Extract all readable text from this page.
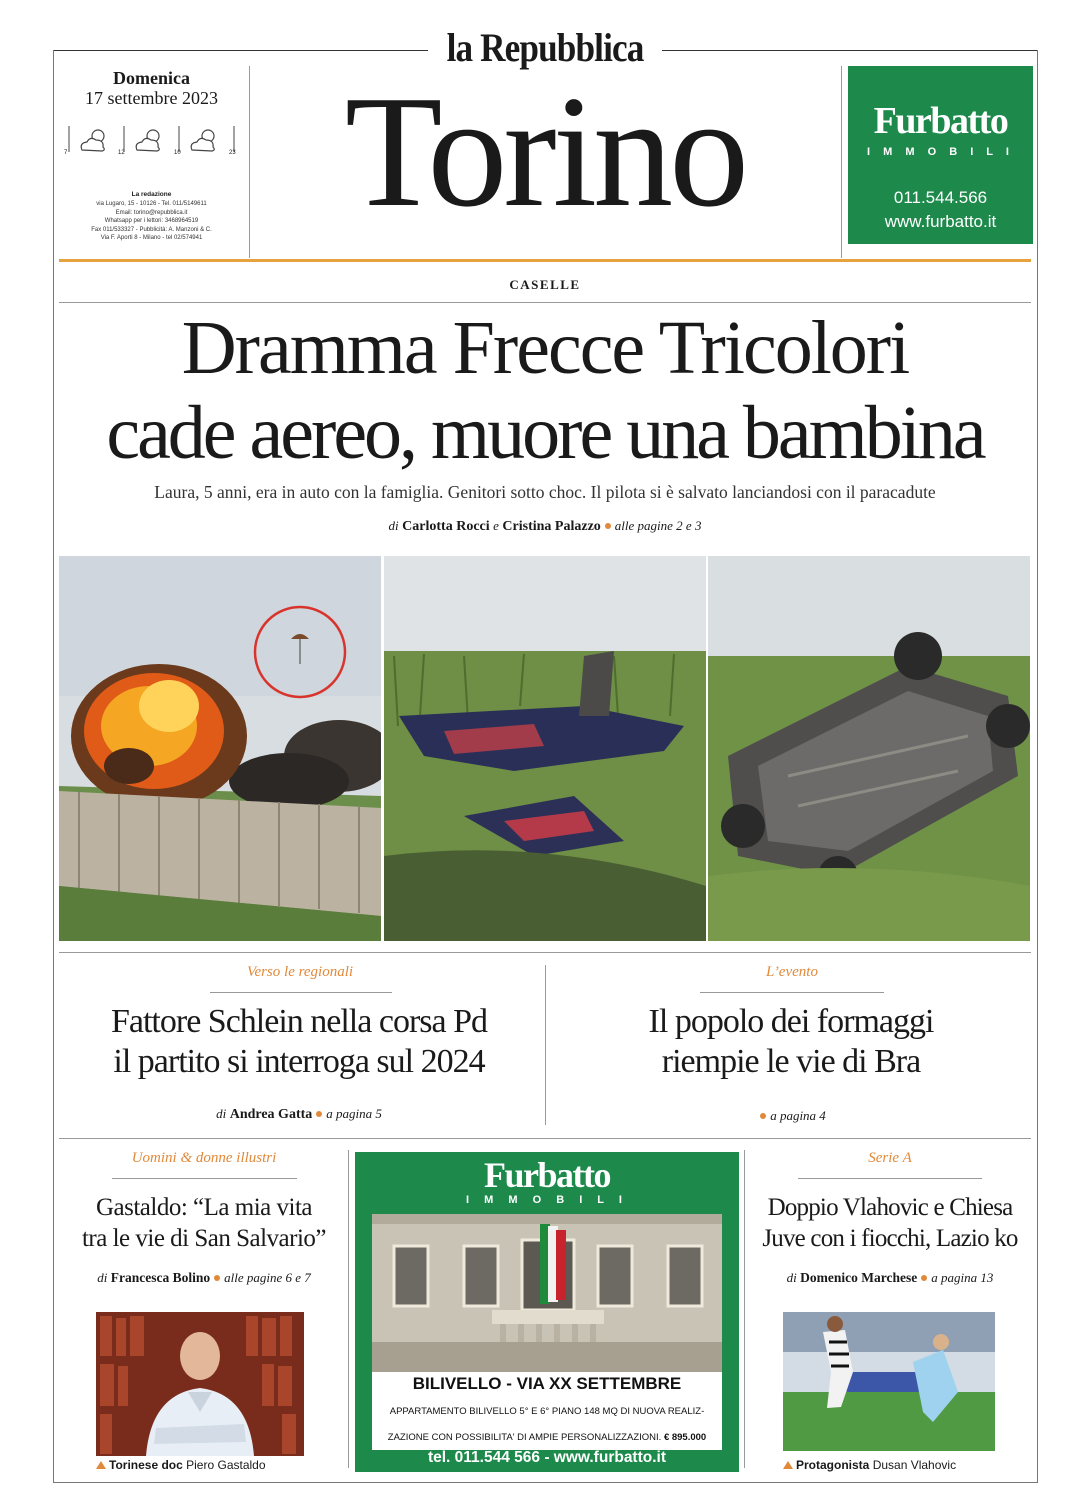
la Repubblica
Torino
Domenica
17 settembre 2023
7	12	10	23
La redazione
via Lugaro, 15 - 10126 - Tel. 011/5149611
Email: torino@repubblica.it
Whatsapp per i lettori: 3468964519
Fax 011/533327 - Pubblicità: A. Manzoni & C.
Via F. Aporti 8 - Milano - tel 02/574941
Furbatto
I M M O B I L I
011.544.566
www.furbatto.it
CASELLE
Dramma Frecce Tricolori
cade aereo, muore una bambina
Laura, 5 anni, era in auto con la famiglia. Genitori sotto choc. Il pilota si è salvato lanciandosi con il paracadute
di Carlotta Rocci e Cristina Palazzo alle pagine 2 e 3
Verso le regionali
Fattore Schlein nella corsa Pd
il partito si interroga sul 2024
di Andrea Gatta a pagina 5
L’evento
Il popolo dei formaggi
riempie le vie di Bra
a pagina 4
Uomini & donne illustri
Gastaldo: “La mia vita
tra le vie di San Salvario”
di Francesca Bolino alle pagine 6 e 7
Torinese doc Piero Gastaldo
Furbatto
I M M O B I L I
BILIVELLO - VIA XX SETTEMBRE
APPARTAMENTO BILIVELLO 5° E 6° PIANO 148 MQ DI NUOVA REALIZ-
ZAZIONE CON POSSIBILITA' DI AMPIE PERSONALIZZAZIONI. € 895.000
tel. 011.544 566 - www.furbatto.it
Serie A
Doppio Vlahovic e Chiesa
Juve con i fiocchi, Lazio ko
di Domenico Marchese a pagina 13
Protagonista Dusan Vlahovic
